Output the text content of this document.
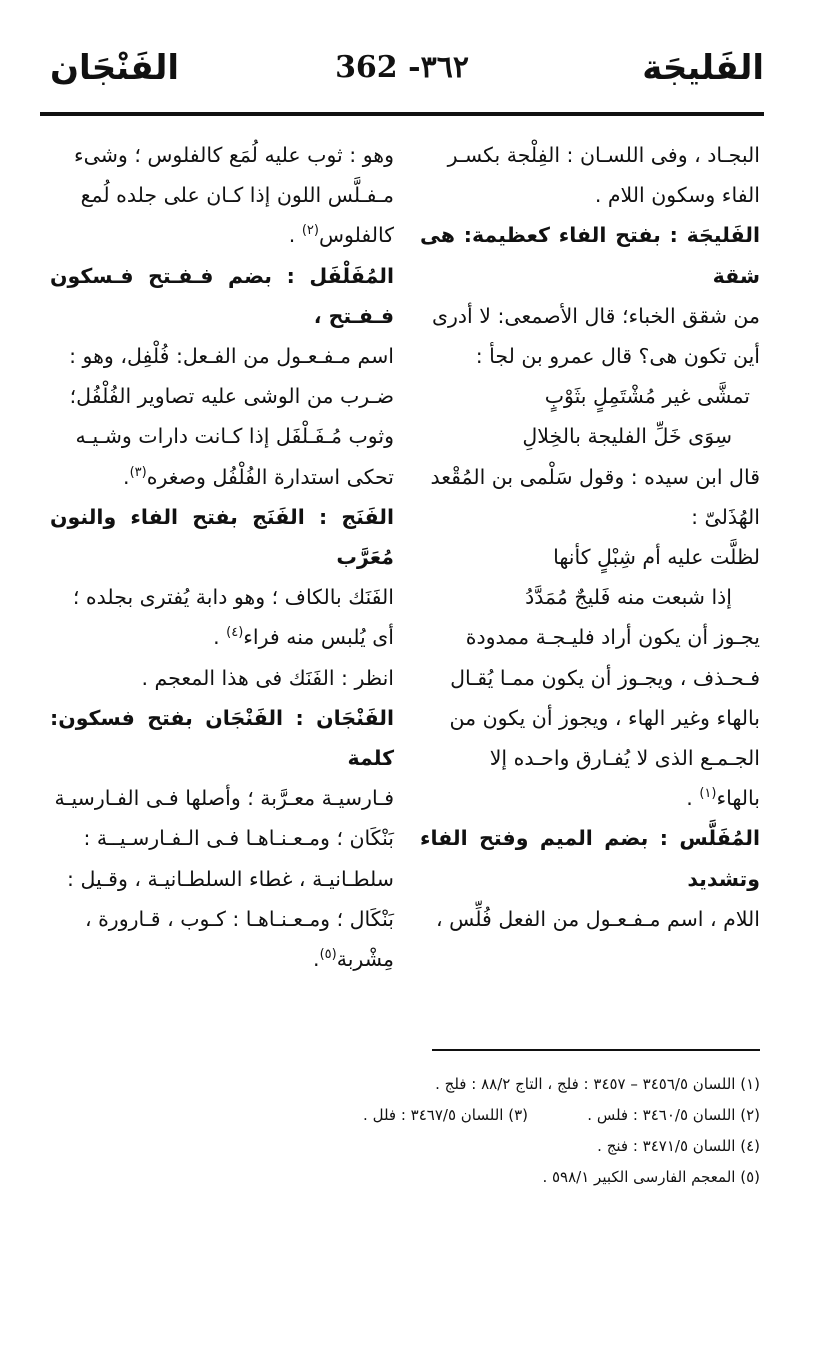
الفَليجَة
362 -٣٦٢
الفَنْجَان

البجـاد ، وفى اللسـان : الفِلْجة بكسـر

الفاء وسكون اللام .

الفَليجَة : بفتح الفاء كعظيمة: هى شقة

من شقق الخباء؛ قال الأصمعى: لا أدرى

أين تكون هى؟ قال عمرو بن لجأ :

تمشَّى غير مُشْتَمِلٍ بثَوْبٍ

سِوَى خَلِّ الفليجة بالخِلالِ

قال ابن سيده : وقول سَلْمى بن المُقْعد

الهُذَلىّ :

لظلَّت عليه أم شِبْلٍ كأنها

إذا شبعت منه فَليجٌ مُمَدَّدُ

يجـوز أن يكون أراد فليـجـة ممدودة

فـحـذف ، ويجـوز أن يكون ممـا يُقـال

بالهاء وغير الهاء ، ويجوز أن يكون من

الجـمـع الذى لا يُفـارق واحـده إلا

بالهاء$^{(١)}$ .

المُفَلَّس : بضم الميم وفتح الفاء وتشديد

اللام ، اسم مـفـعـول من الفعل فُلِّس ،

وهو : ثوب عليه لُمَع كالفلوس ؛ وشىء

مـفـلَّس اللون إذا كـان على جلده لُمع

كالفلوس$^{(٢)}$ .

المُفَلْفَل : بضم فـفـتح فـسكون فـفـتح ،

اسم مـفـعـول من الفـعل: فُلْفِل، وهو :

ضـرب من الوشى عليه تصاوير الفُلْفُل؛

وثوب مُـفَـلْفَل إذا كـانت دارات وشـيـه

تحكى استدارة الفُلْفُل وصغره$^{(٣)}$.

الفَنَج : الفَنَج بفتح الفاء والنون مُعَرَّب

الفَنَك بالكاف ؛ وهو دابة يُفترى بجلده ؛

أى يُلبس منه فراء$^{(٤)}$ .

انظر : الفَنَك فى هذا المعجم .

الفَنْجَان : الفَنْجَان بفتح فسكون: كلمة

فـارسيـة معـرَّبة ؛ وأصلها فـى الفـارسيـة

بَنْكَان ؛ ومـعـنـاهـا فـى الـفـارسـيــة :

سلطـانيـة ، غطاء السلطـانيـة ، وقـيل :

بَنْكَال ؛ ومـعـنـاهـا : كـوب ، قـارورة ،

مِشْربة$^{(٥)}$.

(١) اللسان ٣٤٥٦/٥ – ٣٤٥٧ : فلج ، التاج ٨٨/٢ : فلج .

(٢) اللسان ٣٤٦٠/٥ : فلس .

(٣) اللسان ٣٤٦٧/٥ : فلل .

(٤) اللسان ٣٤٧١/٥ : فنج .

(٥) المعجم الفارسى الكبير ٥٩٨/١ .
